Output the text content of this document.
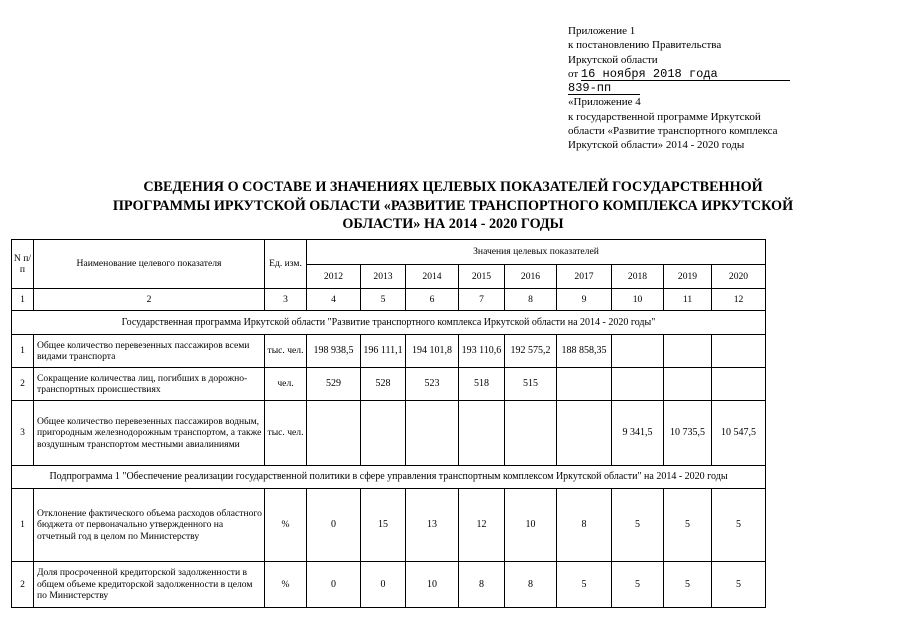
Приложение 1
к постановлению Правительства
Иркутской области
от 16 ноября 2018 года
839-пп
«Приложение 4
к государственной программе Иркутской
области «Развитие транспортного комплекса
Иркутской области» 2014 - 2020 годы
СВЕДЕНИЯ О СОСТАВЕ И ЗНАЧЕНИЯХ ЦЕЛЕВЫХ ПОКАЗАТЕЛЕЙ ГОСУДАРСТВЕННОЙ
ПРОГРАММЫ ИРКУТСКОЙ ОБЛАСТИ «РАЗВИТИЕ ТРАНСПОРТНОГО КОМПЛЕКСА ИРКУТСКОЙ
ОБЛАСТИ» НА 2014 - 2020 ГОДЫ
N п/п	Наименование целевого показателя	Ед. изм.	Значения целевых показателей								
			2012	2013	2014	2015	2016	2017	2018	2019	2020
1	2	3	4	5	6	7	8	9	10	11	12
Государственная программа Иркутской области "Развитие транспортного комплекса Иркутской области на 2014 - 2020 годы"											
1	Общее количество перевезенных пассажиров всеми видами транспорта	тыс. чел.	198 938,5	196 111,1	194 101,8	193 110,6	192 575,2	188 858,35			
2	Сокращение количества лиц, погибших в дорожно-транспортных происшествиях	чел.	529	528	523	518	515				
3	Общее количество перевезенных пассажиров водным, пригородным железнодорожным транспортом, а также воздушным транспортом местными авиалиниями	тыс. чел.							9 341,5	10 735,5	10 547,5
Подпрограмма 1 "Обеспечение реализации государственной политики в сфере управления транспортным комплексом Иркутской области" на 2014 - 2020 годы											
1	Отклонение фактического объема расходов областного бюджета от первоначально утвержденного на отчетный год в целом по Министерству	%	0	15	13	12	10	8	5	5	5
2	Доля просроченной кредиторской задолженности в общем объеме кредиторской задолженности в целом по Министерству	%	0	0	10	8	8	5	5	5	5
